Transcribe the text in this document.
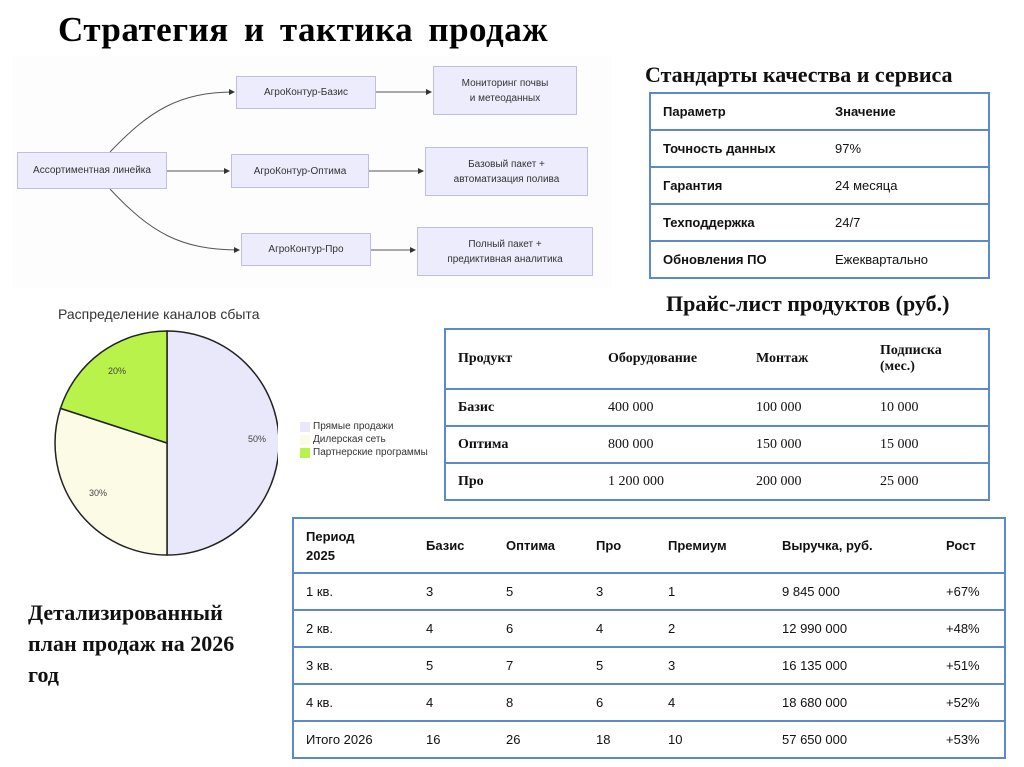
Стратегия и тактика продаж
Ассортиментная линейка
АгроКонтур-Базис
АгроКонтур-Оптима
АгроКонтур-Про
Мониторинг почвы
и метеоданных
Базовый пакет +
автоматизация полива
Полный пакет +
предиктивная аналитика
Стандарты качества и сервиса
Параметр	Значение
Точность данных	97%
Гарантия	24 месяца
Техподдержка	24/7
Обновления ПО	Ежеквартально
Распределение каналов сбыта
50%
30%
20%
Прямые продажи
Дилерская сеть
Партнерские программы
Прайс-лист продуктов (руб.)
Продукт	Оборудование	Монтаж	Подписка
(мес.)

Базис	400 000	100 000	10 000
Оптима	800 000	150 000	15 000
Про	1 200 000	200 000	25 000
Детализированный
план продаж на 2026
год
Период
2025	Базис	Оптима	Про	Премиум	Выручка, руб.	Рост
1 кв.	3	5	3	1	9 845 000	+67%
2 кв.	4	6	4	2	12 990 000	+48%
3 кв.	5	7	5	3	16 135 000	+51%
4 кв.	4	8	6	4	18 680 000	+52%
Итого 2026	16	26	18	10	57 650 000	+53%
